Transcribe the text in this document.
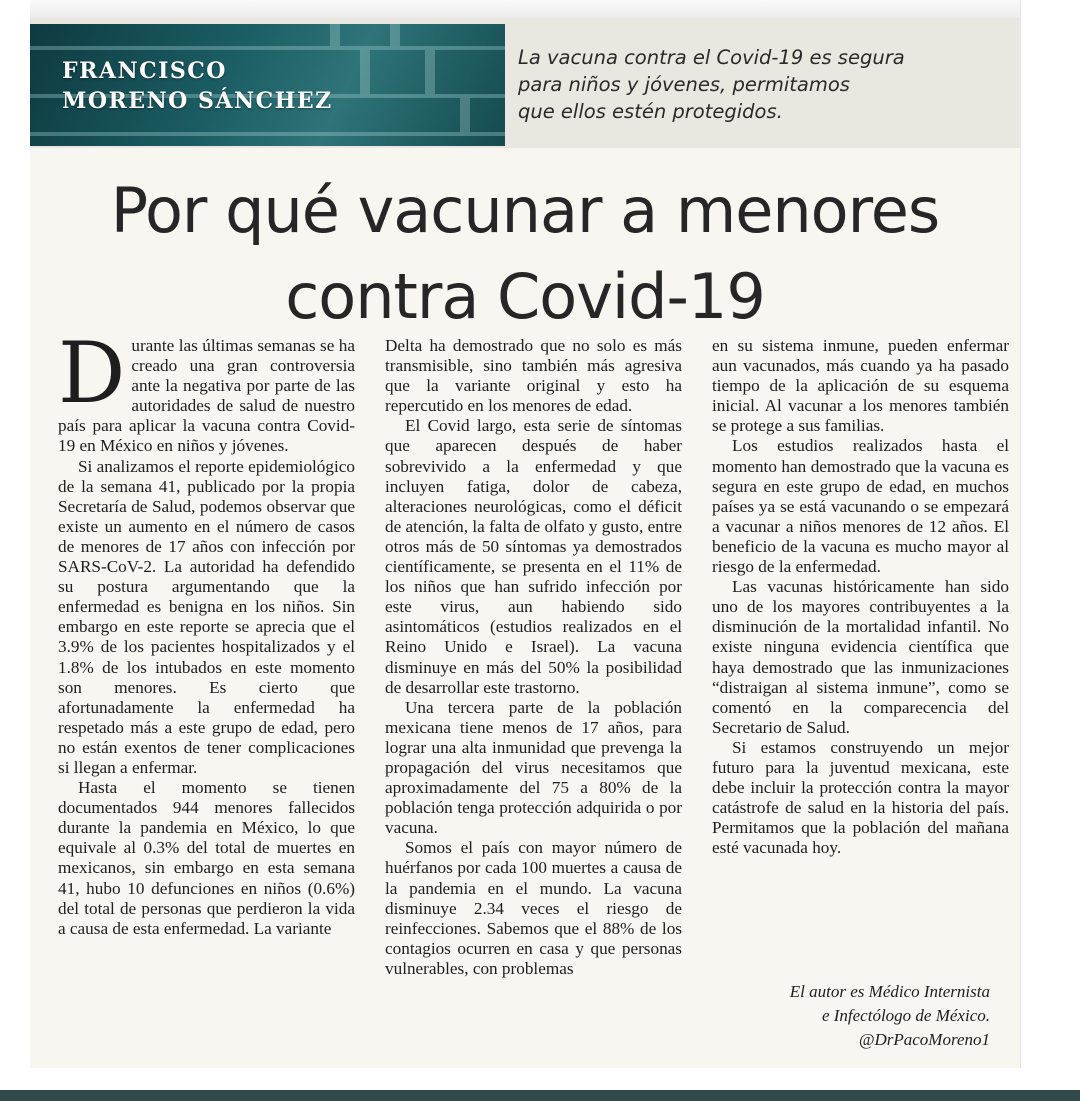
FRANCISCO
MORENO SÁNCHEZ
La vacuna contra el Covid-19 es segura
para niños y jóvenes, permitamos
que ellos estén protegidos.
Por qué vacunar a menores
contra Covid-19

Durante las últimas semanas se ha creado una gran controversia ante la negativa por parte de las autoridades de salud de nuestro país para aplicar la vacuna contra Covid-19 en México en niños y jóvenes.

Si analizamos el reporte epidemiológico de la semana 41, publicado por la propia Secretaría de Salud, podemos observar que existe un aumento en el número de casos de menores de 17 años con infección por SARS-CoV-2. La autoridad ha defendido su postura argumentando que la enfermedad es benigna en los niños. Sin embargo en este reporte se aprecia que el 3.9% de los pacientes hospitalizados y el 1.8% de los intubados en este momento son menores. Es cierto que afortunadamente la enfermedad ha respetado más a este grupo de edad, pero no están exentos de tener complicaciones si llegan a enfermar.

Hasta el momento se tienen documentados 944 menores fallecidos durante la pandemia en México, lo que equivale al 0.3% del total de muertes en mexicanos, sin embargo en esta semana 41, hubo 10 defunciones en niños (0.6%) del total de personas que perdieron la vida a causa de esta enfermedad. La variante

Delta ha demostrado que no solo es más transmisible, sino también más agresiva que la variante original y esto ha repercutido en los menores de edad.

El Covid largo, esta serie de síntomas que aparecen después de haber sobrevivido a la enfermedad y que incluyen fatiga, dolor de cabeza, alteraciones neurológicas, como el déficit de atención, la falta de olfato y gusto, entre otros más de 50 síntomas ya demostrados científicamente, se presenta en el 11% de los niños que han sufrido infección por este virus, aun habiendo sido asintomáticos (estudios realizados en el Reino Unido e Israel). La vacuna disminuye en más del 50% la posibilidad de desarrollar este trastorno.

Una tercera parte de la población mexicana tiene menos de 17 años, para lograr una alta inmunidad que prevenga la propagación del virus necesitamos que aproximadamente del 75 a 80% de la población tenga protección adquirida o por vacuna.

Somos el país con mayor número de huérfanos por cada 100 muertes a causa de la pandemia en el mundo. La vacuna disminuye 2.34 veces el riesgo de reinfecciones. Sabemos que el 88% de los contagios ocurren en casa y que personas vulnerables, con problemas

en su sistema inmune, pueden enfermar aun vacunados, más cuando ya ha pasado tiempo de la aplicación de su esquema inicial. Al vacunar a los menores también se protege a sus familias.

Los estudios realizados hasta el momento han demostrado que la vacuna es segura en este grupo de edad, en muchos países ya se está vacunando o se empezará a vacunar a niños menores de 12 años. El beneficio de la vacuna es mucho mayor al riesgo de la enfermedad.

Las vacunas históricamente han sido uno de los mayores contribuyentes a la disminución de la mortalidad infantil. No existe ninguna evidencia científica que haya demostrado que las inmunizaciones “distraigan al sistema inmune”, como se comentó en la comparecencia del Secretario de Salud.

Si estamos construyendo un mejor futuro para la juventud mexicana, este debe incluir la protección contra la mayor catástrofe de salud en la historia del país. Permitamos que la población del mañana esté vacunada hoy.

El autor es Médico Internista
e Infectólogo de México.
@DrPacoMoreno1
